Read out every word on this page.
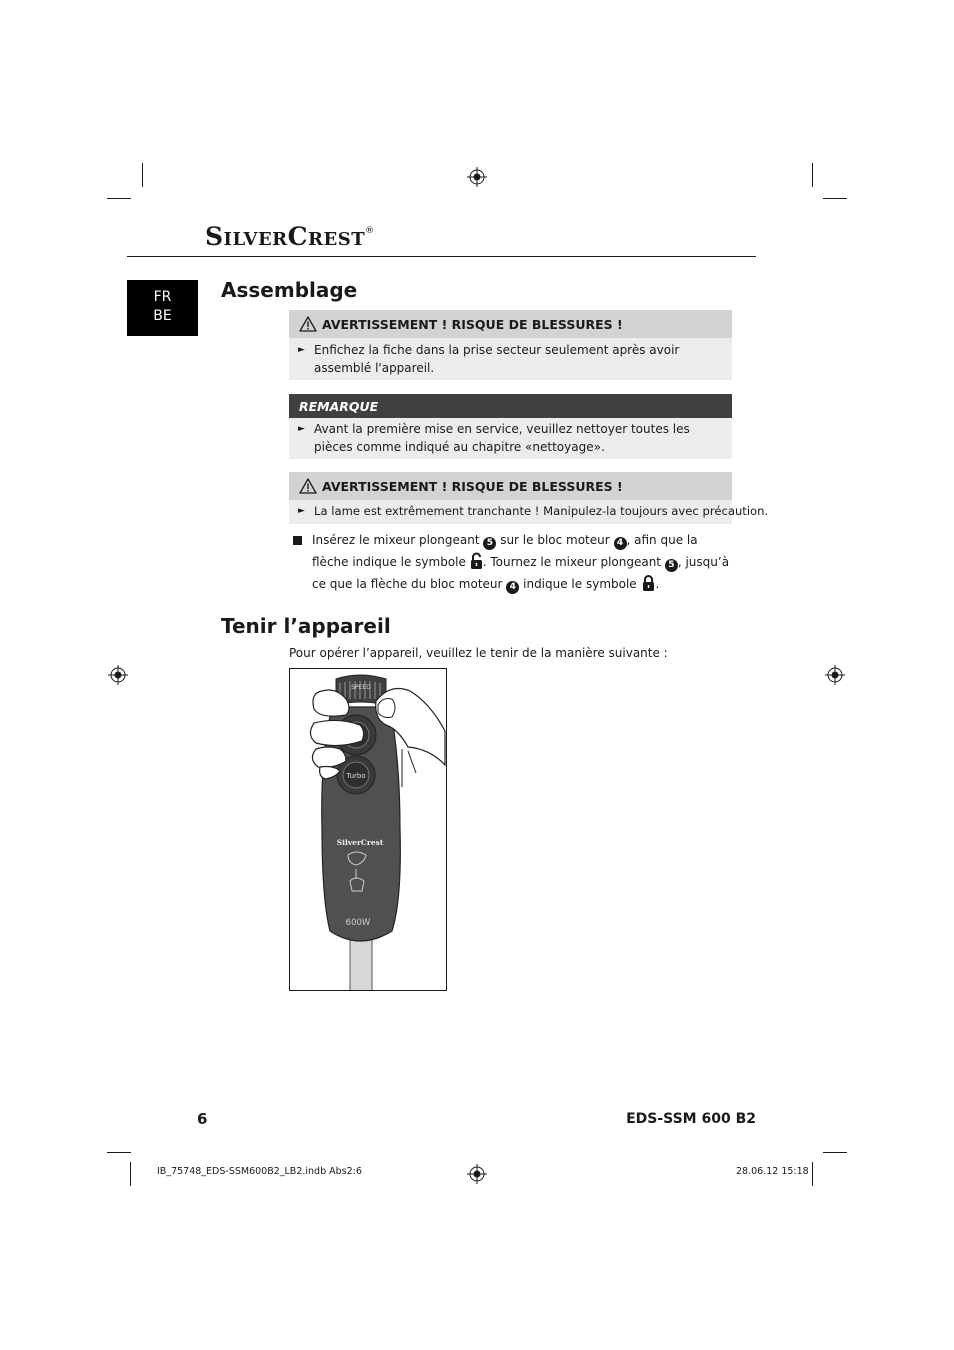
SilverCrest®
FR
BE
Assemblage
AVERTISSEMENT ! RISQUE DE BLESSURES !
► Enfichez la fiche dans la prise secteur seulement après avoir assemblé l'appareil.
REMARQUE
► Avant la première mise en service, veuillez nettoyer toutes les pièces comme indiqué au chapitre «nettoyage».
AVERTISSEMENT ! RISQUE DE BLESSURES !
► La lame est extrêmement tranchante ! Manipulez-la toujours avec précaution.
Insérez le mixeur plongeant 5 sur le bloc moteur 4 , afin que la flèche indique le symbole . Tournez le mixeur plongeant 5 , jusqu’à ce que la flèche du bloc moteur 4 indique le symbole .
Tenir l’appareil
Pour opérer l’appareil, veuillez le tenir de la manière suivante :
SPEED
Turbo
SilverCrest
600W
6	EDS-SSM 600 B2
IB_75748_EDS-SSM600B2_LB2.indb Abs2:6	28.06.12 15:18
